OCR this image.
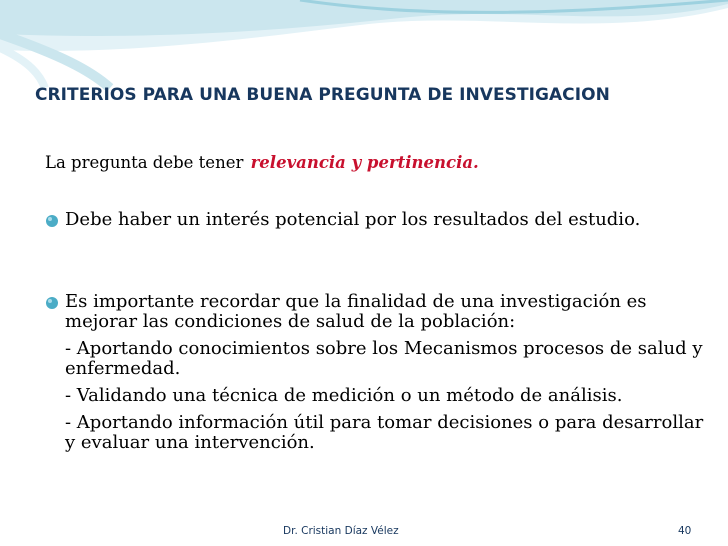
CRITERIOS PARA UNA BUENA PREGUNTA DE INVESTIGACION
La pregunta debe tener relevancia y pertinencia.
Debe haber un interés potencial por los resultados del estudio.
Es importante recordar que la finalidad de una investigación es mejorar las condiciones de salud de la población:
- Aportando conocimientos sobre los Mecanismos procesos de salud y enfermedad.
- Validando una técnica de medición o un método de análisis.
- Aportando información útil para tomar decisiones o para desarrollar y evaluar una intervención.
Dr. Cristian Díaz Vélez	40
